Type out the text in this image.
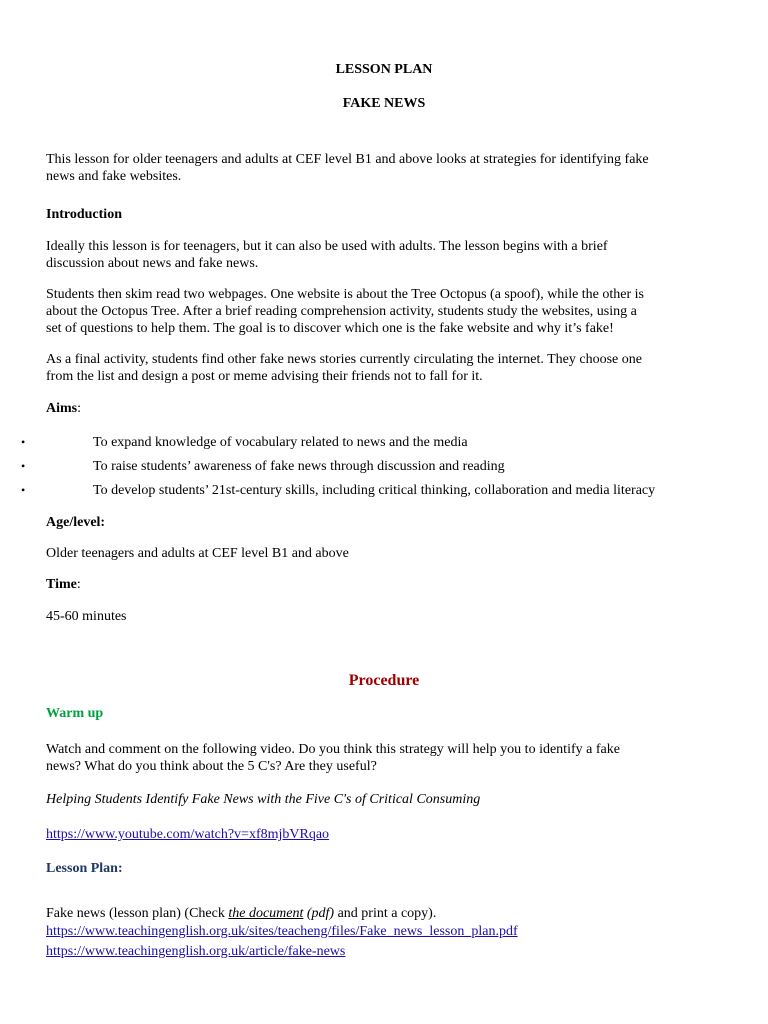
LESSON PLAN
FAKE NEWS
This lesson for older teenagers and adults at CEF level B1 and above looks at strategies for identifying fake
news and fake websites.
Introduction
Ideally this lesson is for teenagers, but it can also be used with adults. The lesson begins with a brief
discussion about news and fake news.
Students then skim read two webpages. One website is about the Tree Octopus (a spoof), while the other is
about the Octopus Tree. After a brief reading comprehension activity, students study the websites, using a
set of questions to help them. The goal is to discover which one is the fake website and why it’s fake!
As a final activity, students find other fake news stories currently circulating the internet. They choose one
from the list and design a post or meme advising their friends not to fall for it.
Aims:
•	To expand knowledge of vocabulary related to news and the media
•	To raise students’ awareness of fake news through discussion and reading
•	To develop students’ 21st-century skills, including critical thinking, collaboration and media literacy
Age/level:
Older teenagers and adults at CEF level B1 and above
Time:
45-60 minutes
Procedure
Warm up
Watch and comment on the following video. Do you think this strategy will help you to identify a fake
news? What do you think about the 5 C's? Are they useful?
Helping Students Identify Fake News with the Five C's of Critical Consuming
https://www.youtube.com/watch?v=xf8mjbVRqao
Lesson Plan:
Fake news (lesson plan) (Check the document (pdf) and print a copy).
https://www.teachingenglish.org.uk/sites/teacheng/files/Fake_news_lesson_plan.pdf
https://www.teachingenglish.org.uk/article/fake-news
